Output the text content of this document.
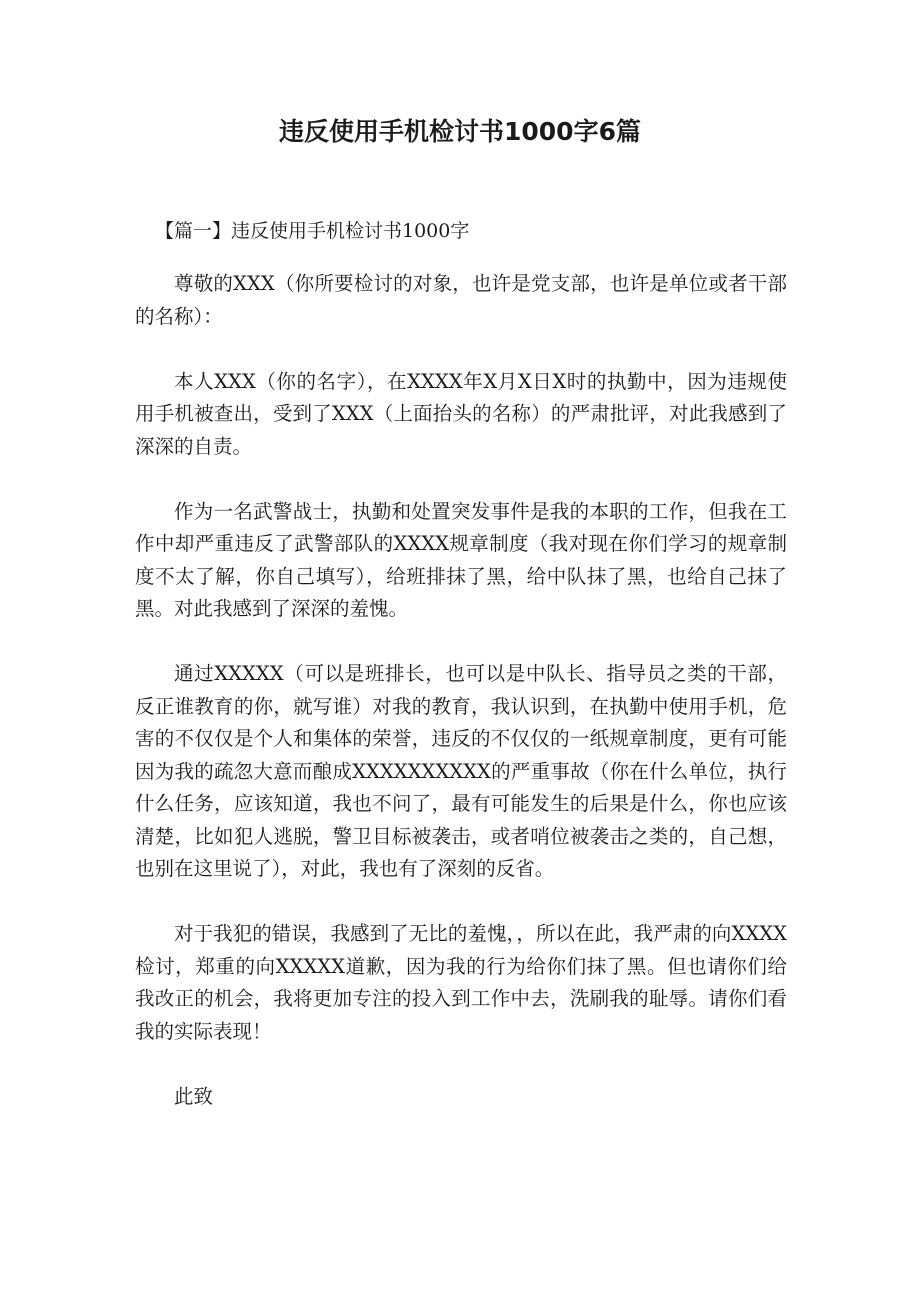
违反使用手机检讨书1000字6篇

【篇一】违反使用手机检讨书1000字

尊敬的XXX（你所要检讨的对象，也许是党支部，也许是单位或者干部的名称）：

本人XXX（你的名字），在XXXX年X月X日X时的执勤中，因为违规使用手机被查出，受到了XXX（上面抬头的名称）的严肃批评，对此我感到了深深的自责。

作为一名武警战士，执勤和处置突发事件是我的本职的工作，但我在工作中却严重违反了武警部队的XXXX规章制度（我对现在你们学习的规章制度不太了解，你自己填写），给班排抹了黑，给中队抹了黑，也给自己抹了黑。对此我感到了深深的羞愧。

通过XXXXX（可以是班排长，也可以是中队长、指导员之类的干部，反正谁教育的你，就写谁）对我的教育，我认识到，在执勤中使用手机，危害的不仅仅是个人和集体的荣誉，违反的不仅仅的一纸规章制度，更有可能因为我的疏忽大意而酿成XXXXXXXXXX的严重事故（你在什么单位，执行什么任务，应该知道，我也不问了，最有可能发生的后果是什么，你也应该清楚，比如犯人逃脱，警卫目标被袭击，或者哨位被袭击之类的，自己想，也别在这里说了），对此，我也有了深刻的反省。

对于我犯的错误，我感到了无比的羞愧，，所以在此，我严肃的向XXXX检讨，郑重的向XXXXX道歉，因为我的行为给你们抹了黑。但也请你们给我改正的机会，我将更加专注的投入到工作中去，洗刷我的耻辱。请你们看我的实际表现！

此致
